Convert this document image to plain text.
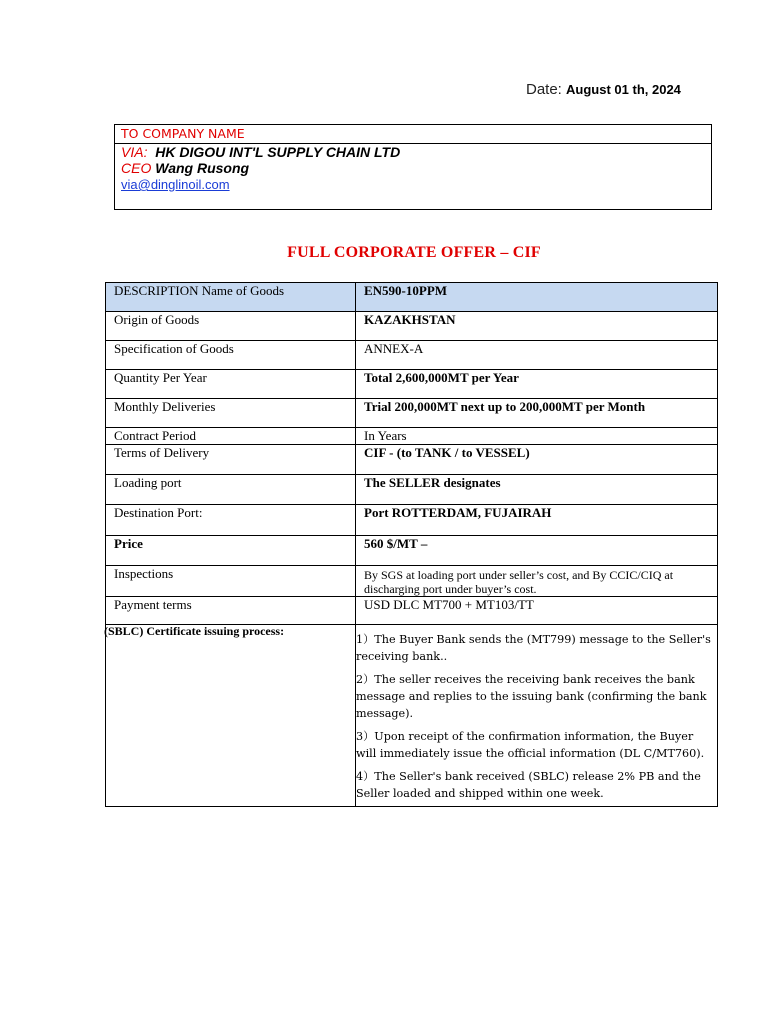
Date: August 01 th, 2024
TO COMPANY NAME
VIA: HK DIGOU INT'L SUPPLY CHAIN LTD
CEO Wang Rusong
via@dinglinoil.com
FULL CORPORATE OFFER – CIF
DESCRIPTION Name of Goods	EN590-10PPM
Origin of Goods	KAZAKHSTAN
Specification of Goods	ANNEX-A
Quantity Per Year	Total 2,600,000MT per Year
Monthly Deliveries	Trial 200,000MT next up to 200,000MT per Month
Contract Period	In Years
Terms of Delivery	CIF - (to TANK / to VESSEL)
Loading port	The SELLER designates
Destination Port:	Port ROTTERDAM, FUJAIRAH
Price	560 $/MT –
Inspections	By SGS at loading port under seller’s cost, and By CCIC/CIQ at discharging port under buyer’s cost.
Payment terms	USD DLC MT700 + MT103/TT

(SBLC) Certificate issuing process:	1）The Buyer Bank sends the (MT799) message to the Seller's receiving bank..

2）The seller receives the receiving bank receives the bank message and replies to the issuing bank (confirming the bank message).

3）Upon receipt of the confirmation information, the Buyer will immediately issue the official information (DL C/MT760).

4）The Seller's bank received (SBLC) release 2% PB and the Seller loaded and shipped within one week.
